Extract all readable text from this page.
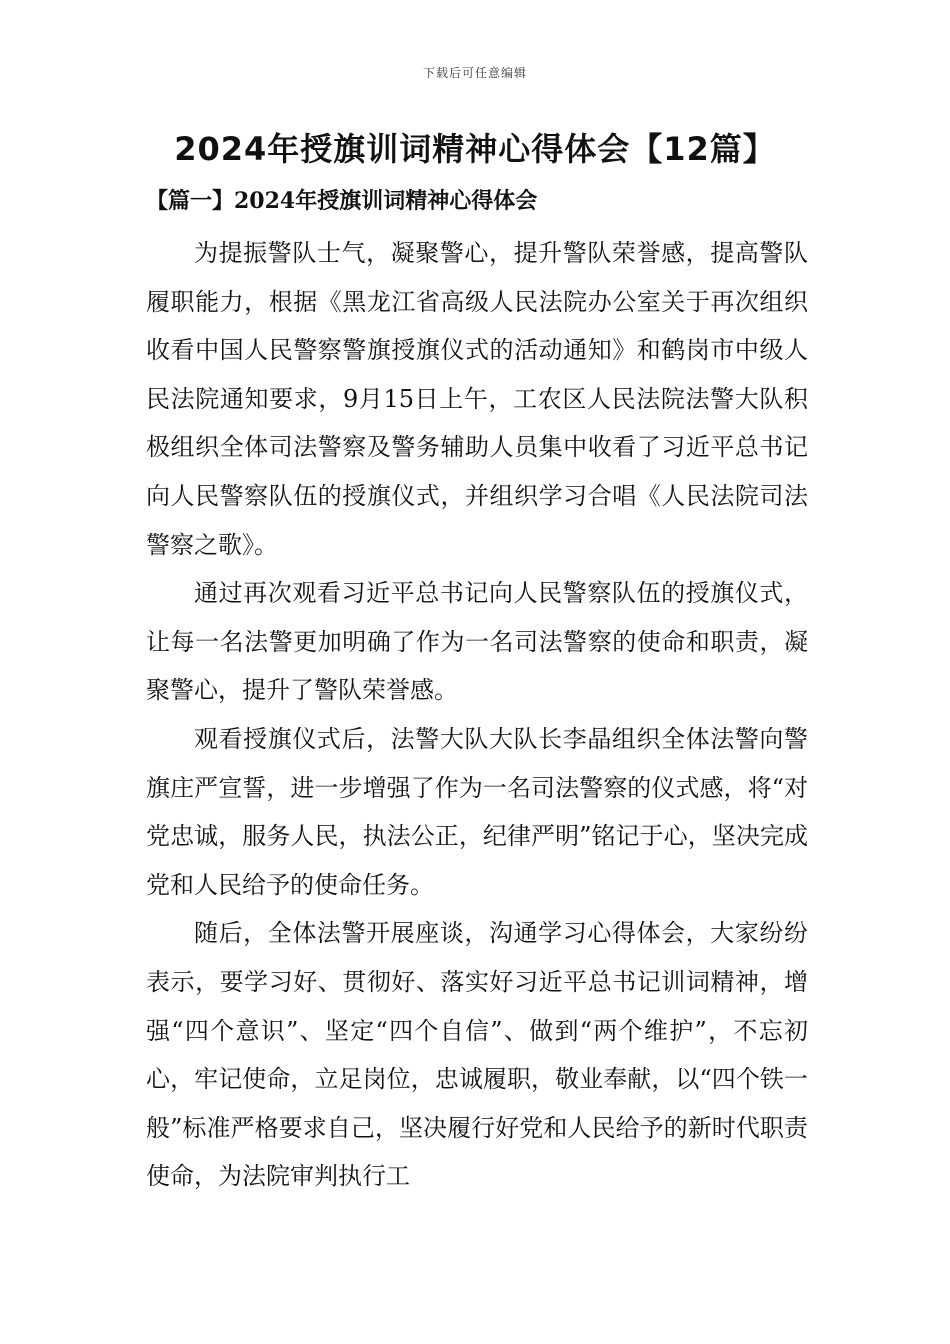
下载后可任意编辑
2024年授旗训词精神心得体会【12篇】
【篇一】2024年授旗训词精神心得体会

为提振警队士气，凝聚警心，提升警队荣誉感，提高警队履职能力，根据《黑龙江省高级人民法院办公室关于再次组织收看中国人民警察警旗授旗仪式的活动通知》和鹤岗市中级人民法院通知要求，9月15日上午，工农区人民法院法警大队积极组织全体司法警察及警务辅助人员集中收看了习近平总书记向人民警察队伍的授旗仪式，并组织学习合唱《人民法院司法警察之歌》。

通过再次观看习近平总书记向人民警察队伍的授旗仪式，让每一名法警更加明确了作为一名司法警察的使命和职责，凝聚警心，提升了警队荣誉感。

观看授旗仪式后，法警大队大队长李晶组织全体法警向警旗庄严宣誓，进一步增强了作为一名司法警察的仪式感，将“对党忠诚，服务人民，执法公正，纪律严明”铭记于心，坚决完成党和人民给予的使命任务。

随后，全体法警开展座谈，沟通学习心得体会，大家纷纷表示，要学习好、贯彻好、落实好习近平总书记训词精神，增强“四个意识”、坚定“四个自信”、做到“两个维护”，不忘初心，牢记使命，立足岗位，忠诚履职，敬业奉献，以“四个铁一般”标准严格要求自己，坚决履行好党和人民给予的新时代职责使命，为法院审判执行工
